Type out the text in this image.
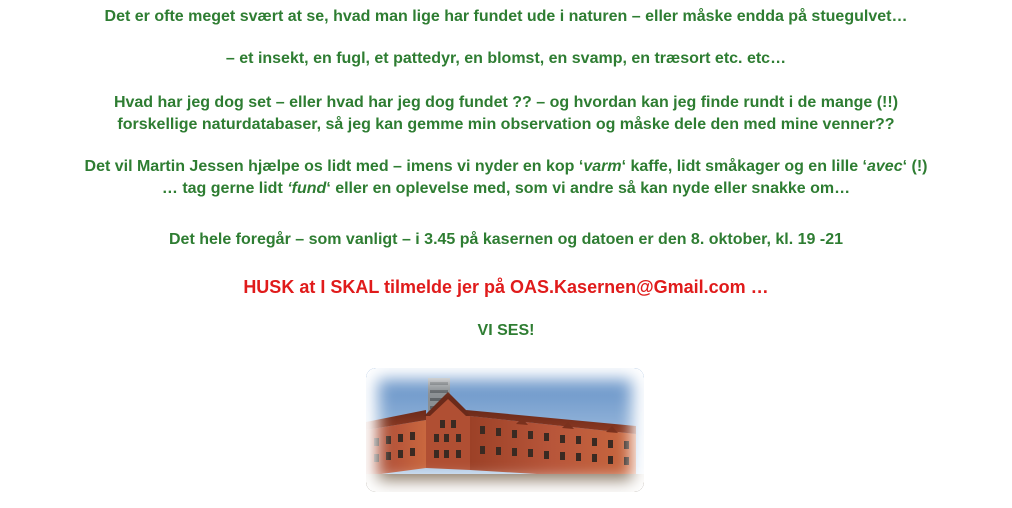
Det er ofte meget svært at se, hvad man lige har fundet ude i naturen – eller måske endda på stuegulvet…

– et insekt, en fugl, et pattedyr, en blomst, en svamp, en træsort etc. etc…

Hvad har jeg dog set – eller hvad har jeg dog fundet ?? – og hvordan kan jeg finde rundt i de mange (!!)
forskellige naturdatabaser, så jeg kan gemme min observation og måske dele den med mine venner??
Det vil Martin Jessen hjælpe os lidt med – imens vi nyder en kop ‘varm‘ kaffe, lidt småkager og en lille ‘avec‘ (!)
… tag gerne lidt ‘fund‘ eller en oplevelse med, som vi andre så kan nyde eller snakke om…

Det hele foregår – som vanligt – i 3.45 på kasernen og datoen er den 8. oktober, kl. 19 -21

HUSK at I SKAL tilmelde jer på OAS.Kasernen@Gmail.com …

VI SES!
